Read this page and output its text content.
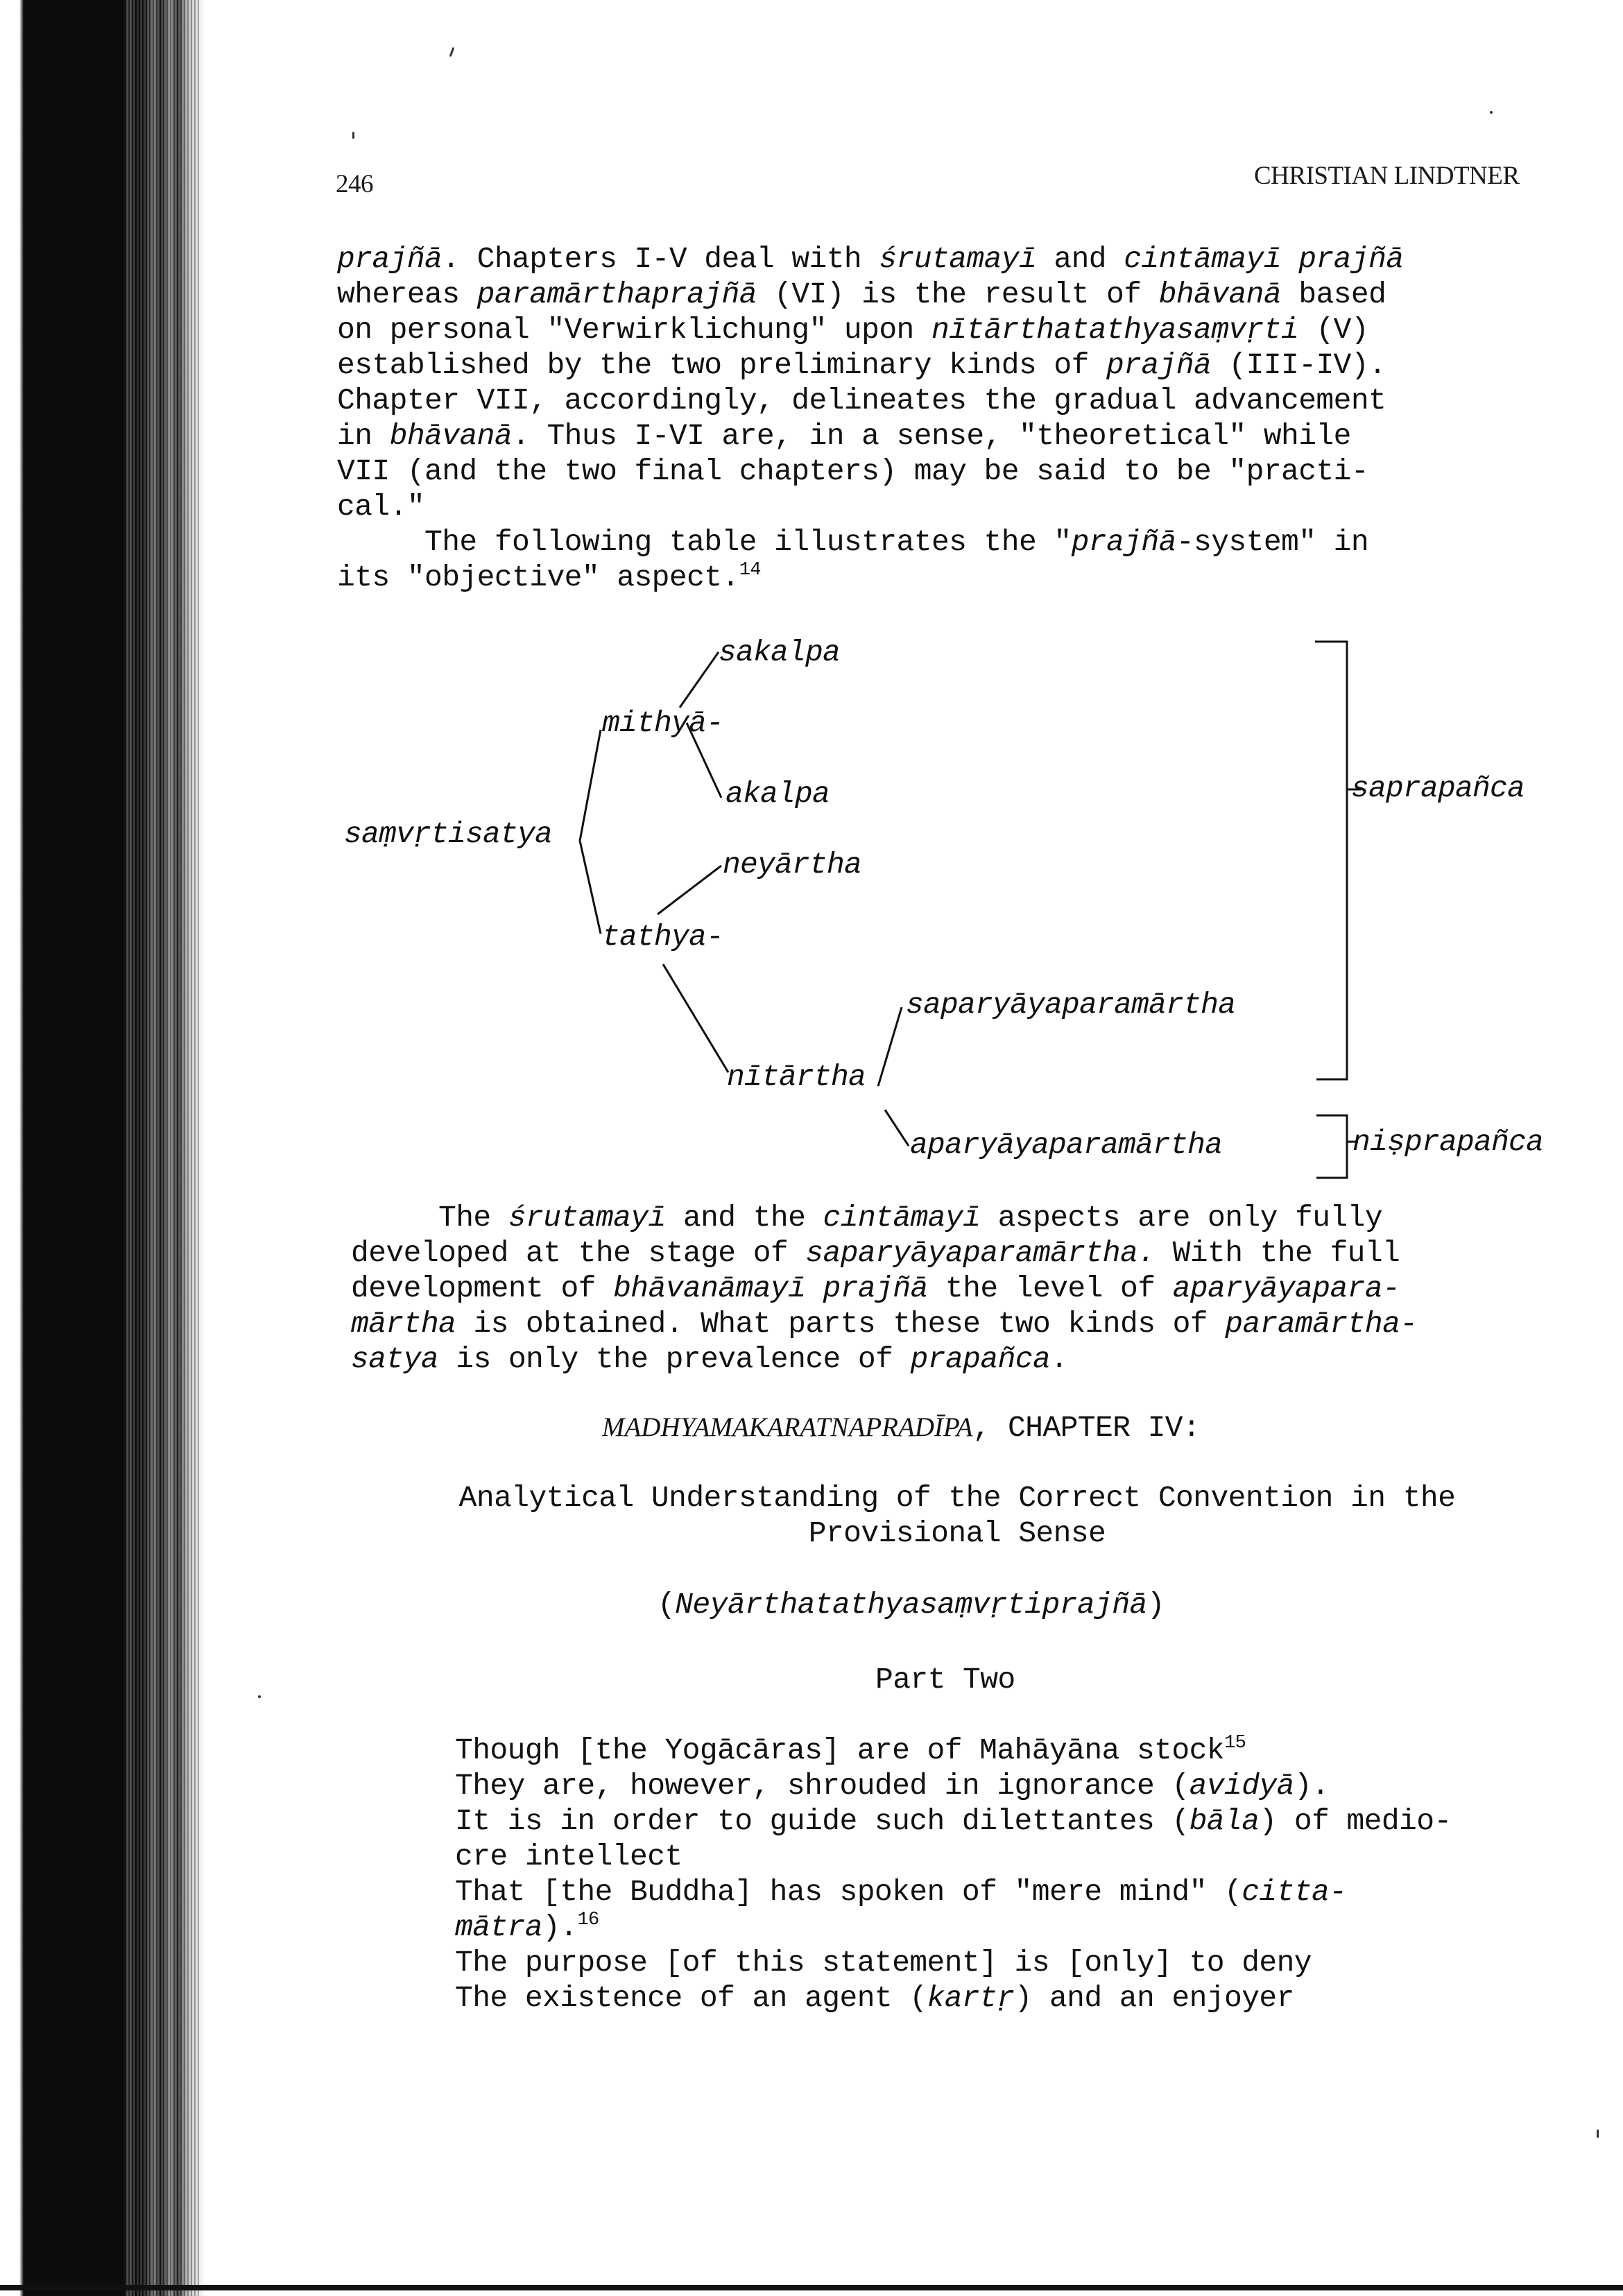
246	CHRISTIAN LINDTNER
prajñā. Chapters I-V deal with śrutamayī and cintāmayī prajñā
whereas paramārthaprajñā (VI) is the result of bhāvanā based
on personal "Verwirklichung" upon nītārthatathyasaṃvṛti (V)
established by the two preliminary kinds of prajñā (III-IV).
Chapter VII, accordingly, delineates the gradual advancement
in bhāvanā. Thus I-VI are, in a sense, "theoretical" while
VII (and the two final chapters) may be said to be "practi-
cal."
The following table illustrates the "prajñā-system" in
its "objective" aspect.$^{14}$
sakalpa
mithyā-
akalpa
saṃvṛtisatya
neyārtha
tathya-
saparyāyaparamārtha
nītārtha
aparyāyaparamārtha
saprapañca
niṣprapañca
The śrutamayī and the cintāmayī aspects are only fully
developed at the stage of saparyāyaparamārtha. With the full
development of bhāvanāmayī prajñā the level of aparyāyapara-
mārtha is obtained. What parts these two kinds of paramārtha-
satya is only the prevalence of prapañca.
MADHYAMAKARATNAPRADĪPA, CHAPTER IV:
Analytical Understanding of the Correct Convention in the
Provisional Sense
(Neyārthatathyasaṃvṛtiprajñā)
Part Two
Though [the Yogācāras] are of Mahāyāna stock$^{15}$
They are, however, shrouded in ignorance (avidyā).
It is in order to guide such dilettantes (bāla) of medio-
cre intellect
That [the Buddha] has spoken of "mere mind" (citta-
mātra).$^{16}$
The purpose [of this statement] is [only] to deny
The existence of an agent (kartṛ) and an enjoyer
